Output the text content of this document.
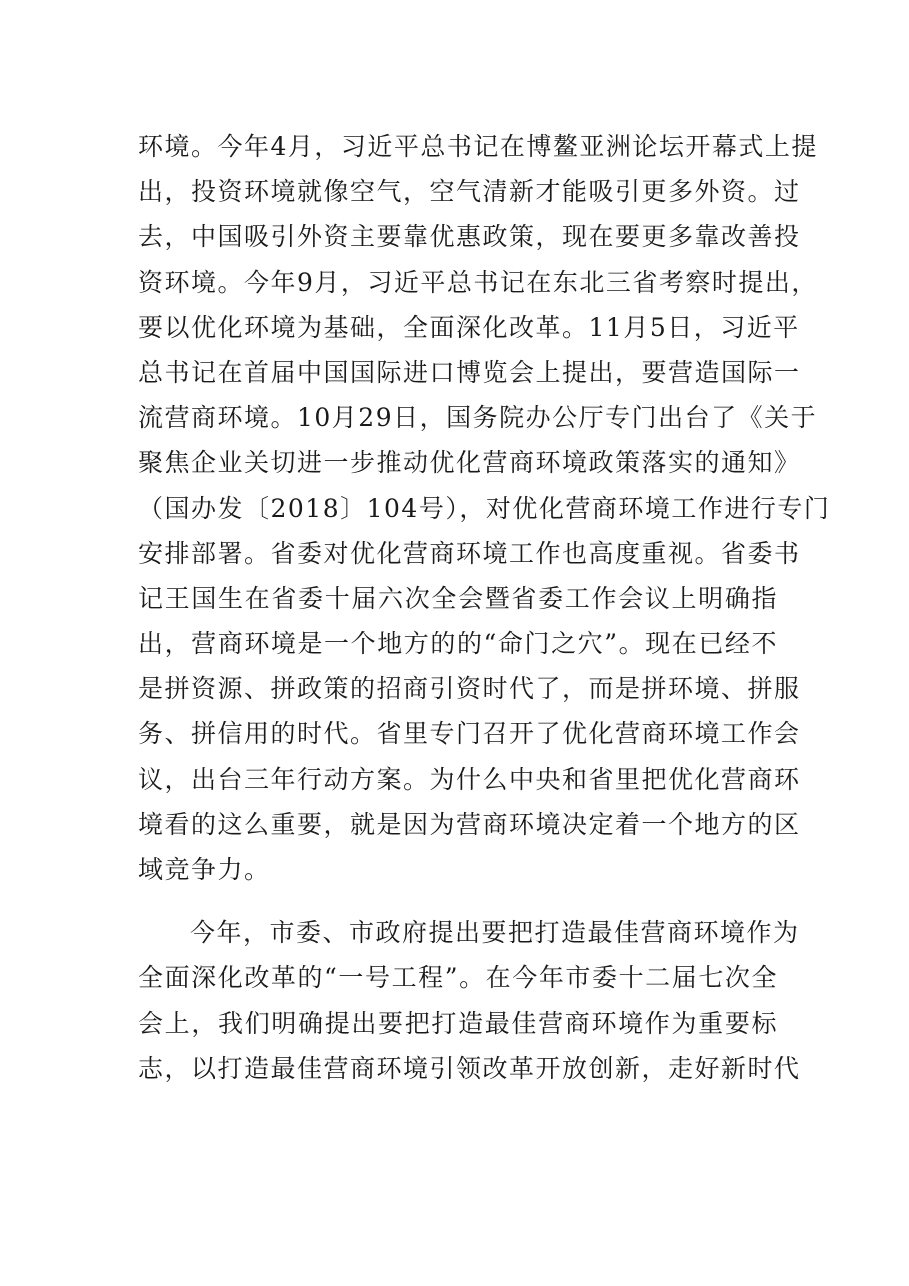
环境。今年4月，习近平总书记在博鳌亚洲论坛开幕式上提
出，投资环境就像空气，空气清新才能吸引更多外资。过
去，中国吸引外资主要靠优惠政策，现在要更多靠改善投
资环境。今年9月，习近平总书记在东北三省考察时提出，
要以优化环境为基础，全面深化改革。11月5日，习近平
总书记在首届中国国际进口博览会上提出，要营造国际一
流营商环境。10月29日，国务院办公厅专门出台了《关于
聚焦企业关切进一步推动优化营商环境政策落实的通知》
（国办发〔2018〕104号），对优化营商环境工作进行专门
安排部署。省委对优化营商环境工作也高度重视。省委书
记王国生在省委十届六次全会暨省委工作会议上明确指
出，营商环境是一个地方的的“命门之穴”。现在已经不
是拼资源、拼政策的招商引资时代了，而是拼环境、拼服
务、拼信用的时代。省里专门召开了优化营商环境工作会
议，出台三年行动方案。为什么中央和省里把优化营商环
境看的这么重要，就是因为营商环境决定着一个地方的区
域竞争力。
今年，市委、市政府提出要把打造最佳营商环境作为
全面深化改革的“一号工程”。在今年市委十二届七次全
会上，我们明确提出要把打造最佳营商环境作为重要标
志，以打造最佳营商环境引领改革开放创新，走好新时代
